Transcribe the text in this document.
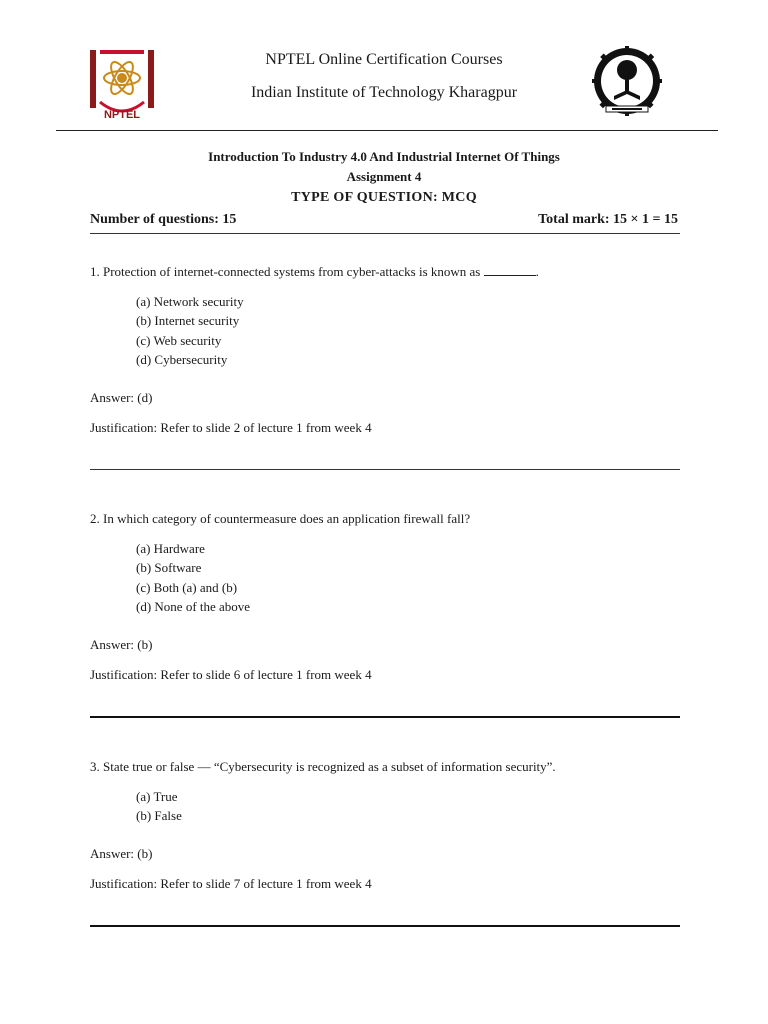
NPTEL
NPTEL Online Certification Courses
Indian Institute of Technology Kharagpur
Introduction To Industry 4.0 And Industrial Internet Of Things
Assignment 4
TYPE OF QUESTION: MCQ
Number of questions: 15	Total mark: 15 × 1 = 15
1. Protection of internet-connected systems from cyber-attacks is known as	.
(a) Network security
(b) Internet security
(c) Web security
(d) Cybersecurity
Answer: (d)
Justification: Refer to slide 2 of lecture 1 from week 4
2. In which category of countermeasure does an application firewall fall?
(a) Hardware
(b) Software
(c) Both (a) and (b)
(d) None of the above
Answer: (b)
Justification: Refer to slide 6 of lecture 1 from week 4
3. State true or false — “Cybersecurity is recognized as a subset of information security”.
(a) True
(b) False
Answer: (b)
Justification: Refer to slide 7 of lecture 1 from week 4
